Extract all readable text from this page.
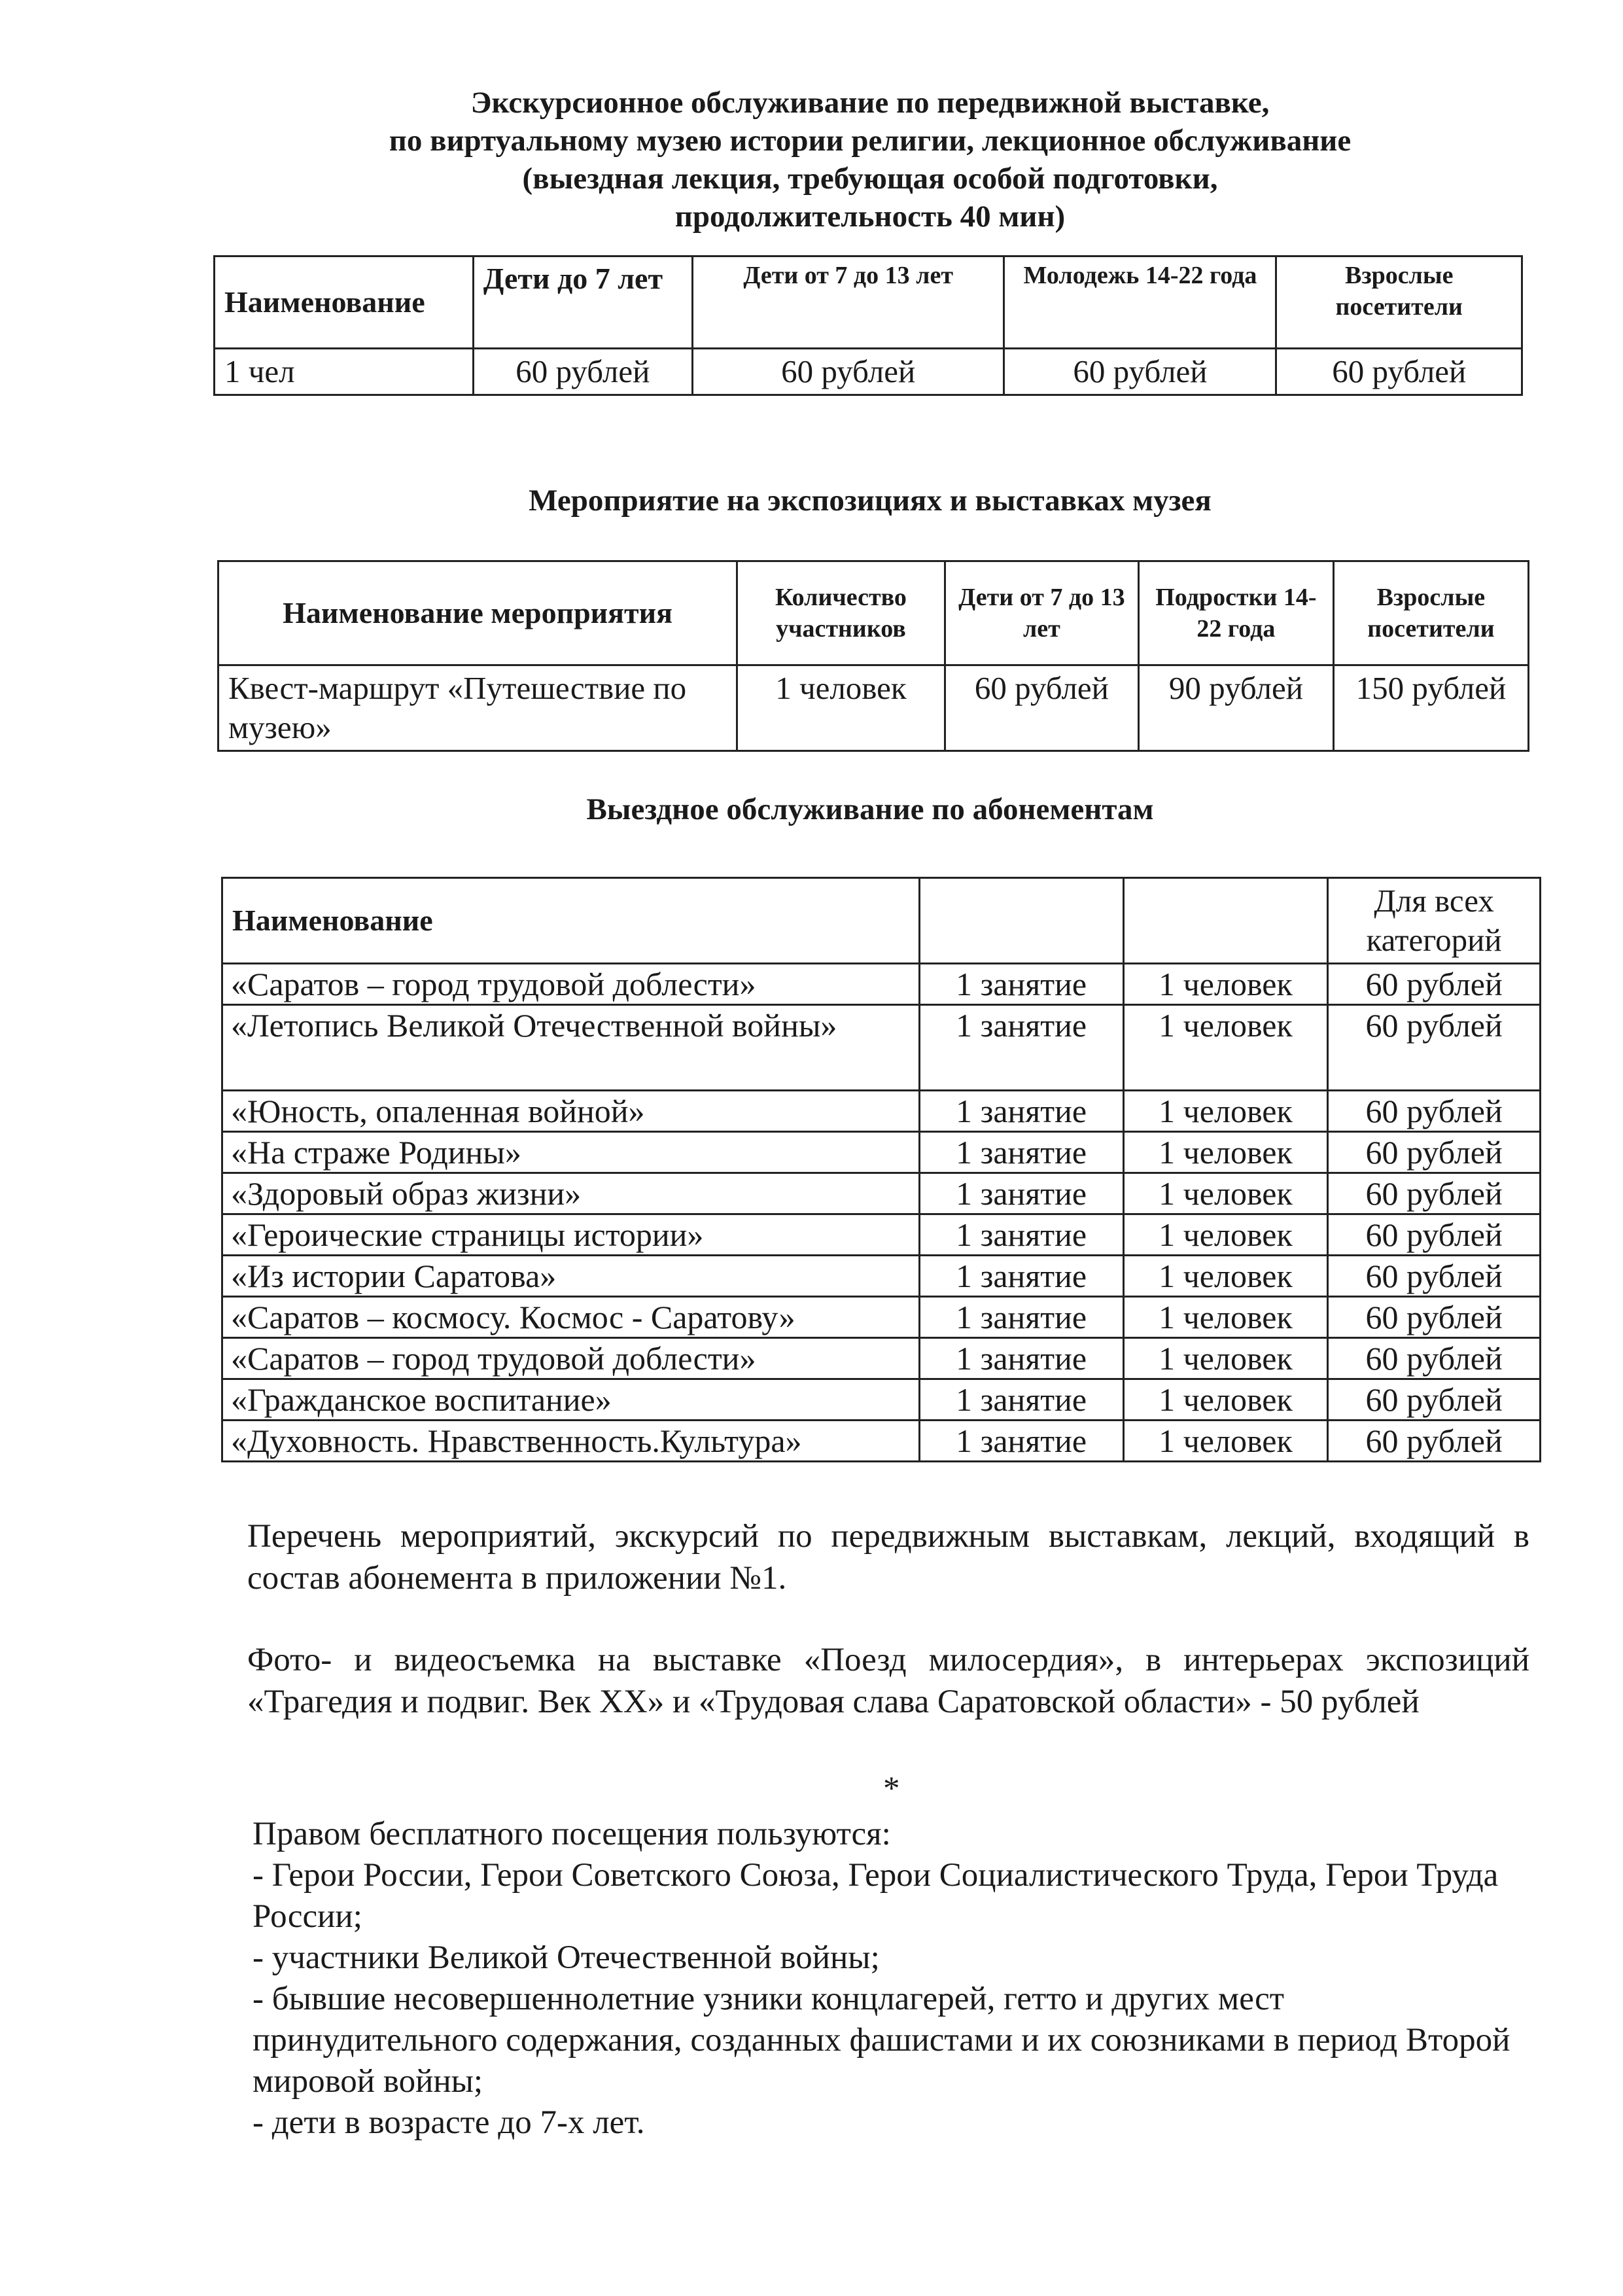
Экскурсионное обслуживание по передвижной выставке,
по виртуальному музею истории религии, лекционное обслуживание
(выездная лекция, требующая особой подготовки,
продолжительность 40 мин)
Наименование	Дети до 7 лет	Дети от 7 до 13 лет	Молодежь 14-22 года	Взрослые посетители
1 чел	60 рублей	60 рублей	60 рублей	60 рублей
Мероприятие на экспозициях и выставках музея
Наименование мероприятия	Количество участников	Дети от 7 до 13 лет	Подростки 14-22 года	Взрослые посетители
Квест-маршрут «Путешествие по музею»	1 человек	60 рублей	90 рублей	150 рублей
Выездное обслуживание по абонементам
Наименование			Для всех категорий
«Саратов – город трудовой доблести»	1 занятие	1 человек	60 рублей
«Летопись Великой Отечественной войны»	1 занятие	1 человек	60 рублей
«Юность, опаленная войной»	1 занятие	1 человек	60 рублей
«На страже Родины»	1 занятие	1 человек	60 рублей
«Здоровый образ жизни»	1 занятие	1 человек	60 рублей
«Героические страницы истории»	1 занятие	1 человек	60 рублей
«Из истории Саратова»	1 занятие	1 человек	60 рублей
«Саратов – космосу. Космос - Саратову»	1 занятие	1 человек	60 рублей
«Саратов – город трудовой доблести»	1 занятие	1 человек	60 рублей
«Гражданское воспитание»	1 занятие	1 человек	60 рублей
«Духовность. Нравственность.Культура»	1 занятие	1 человек	60 рублей
Перечень мероприятий, экскурсий по передвижным выставкам, лекций, входящий в состав абонемента в приложении №1.
Фото- и видеосъемка на выставке «Поезд милосердия», в интерьерах экспозиций «Трагедия и подвиг. Век XX» и «Трудовая слава Саратовской области» - 50 рублей
*
Правом бесплатного посещения пользуются:
- Герои России, Герои Советского Союза, Герои Социалистического Труда, Герои Труда России;
- участники Великой Отечественной войны;
- бывшие несовершеннолетние узники концлагерей, гетто и других мест принудительного содержания, созданных фашистами и их союзниками в период Второй мировой войны;
- дети в возрасте до 7-х лет.
